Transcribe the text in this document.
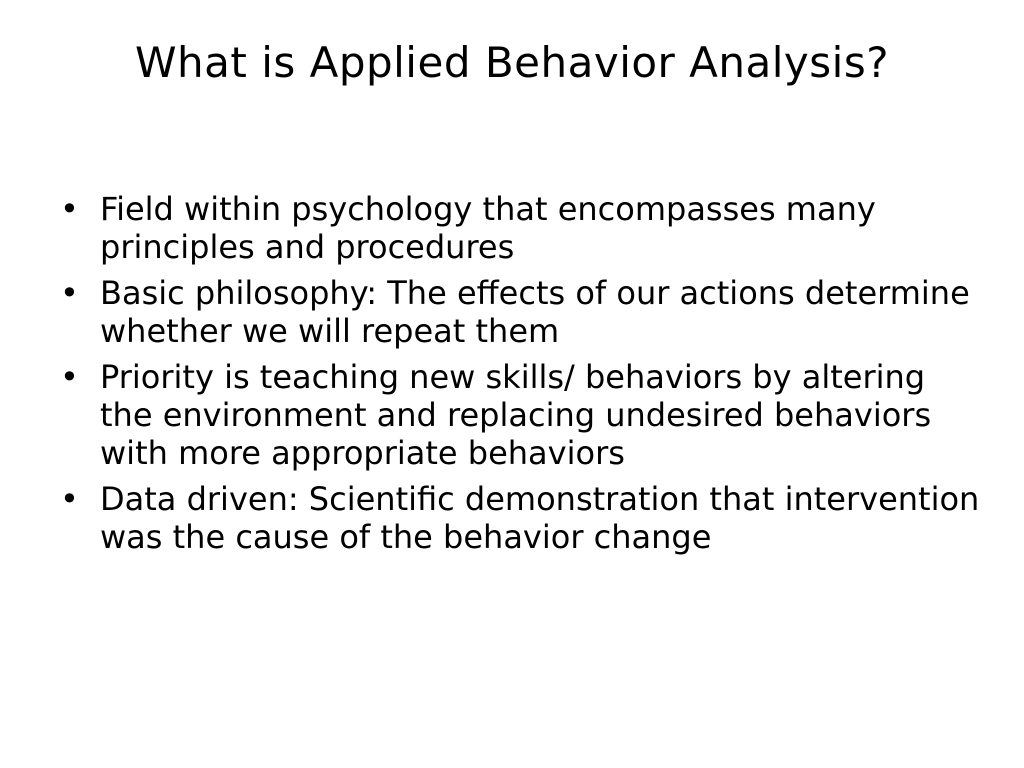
What is Applied Behavior Analysis?
• Field within psychology that encompasses many principles and procedures
• Basic philosophy: The effects of our actions determine whether we will repeat them
• Priority is teaching new skills/ behaviors by altering the environment and replacing undesired behaviors with more appropriate behaviors
• Data driven: Scientific demonstration that intervention was the cause of the behavior change
